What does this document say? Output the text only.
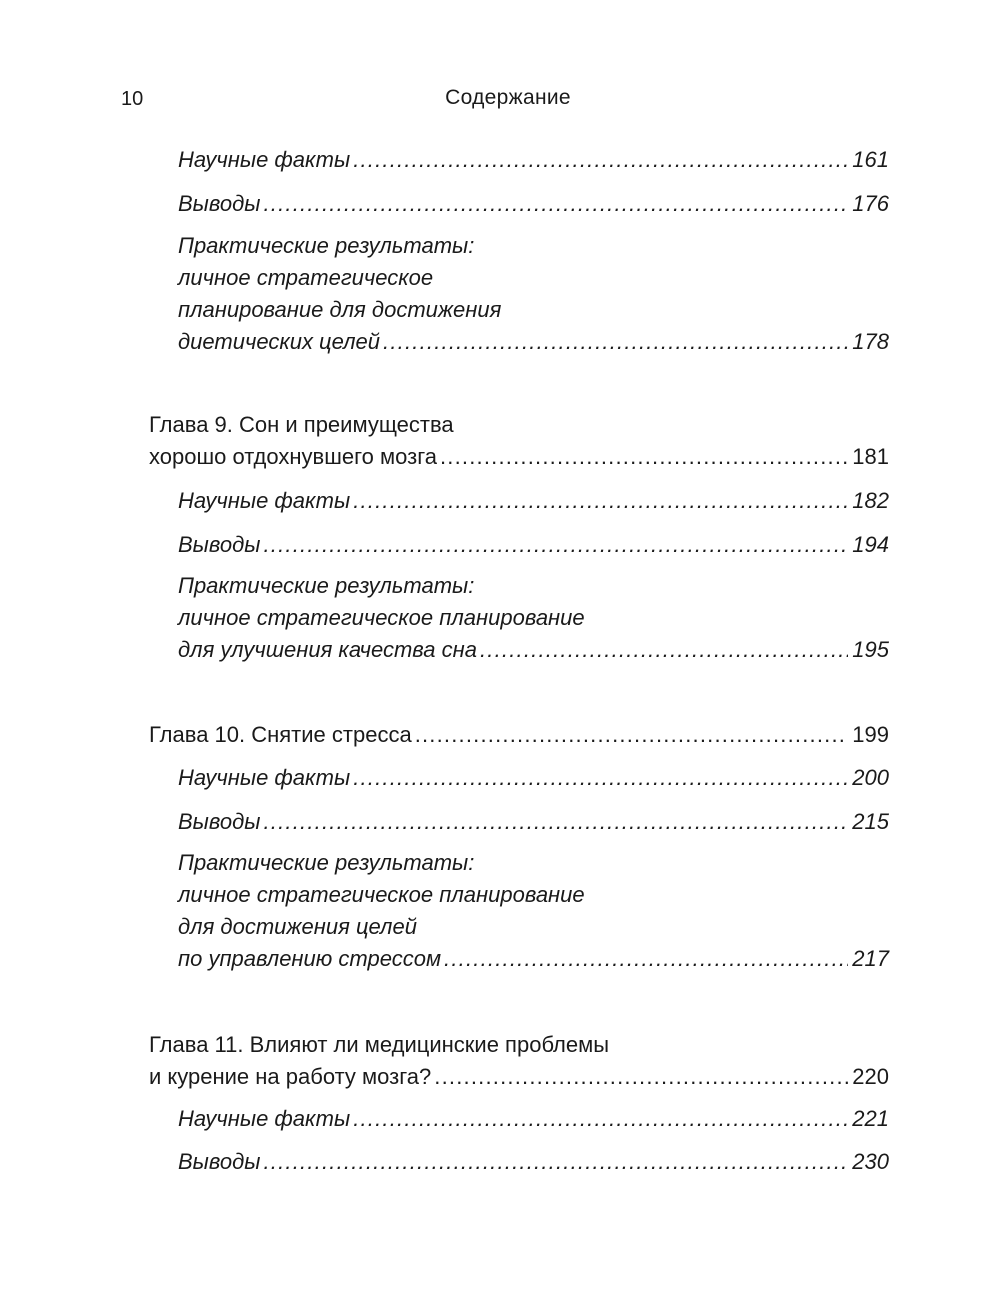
10	Содержание
Научные факты .....	161
Выводы .....	176
Практические результаты:
личное стратегическое
планирование для достижения
диетических целей .....	178
Глава 9. Сон и преимущества
хорошо отдохнувшего мозга .....	181
Научные факты .....	182
Выводы .....	194
Практические результаты:
личное стратегическое планирование
для улучшения качества сна .....	195
Глава 10. Снятие стресса .....	199
Научные факты .....	200
Выводы .....	215
Практические результаты:
личное стратегическое планирование
для достижения целей
по управлению стрессом .....	217
Глава 11. Влияют ли медицинские проблемы
и курение на работу мозга? .....	220
Научные факты .....	221
Выводы .....	230
